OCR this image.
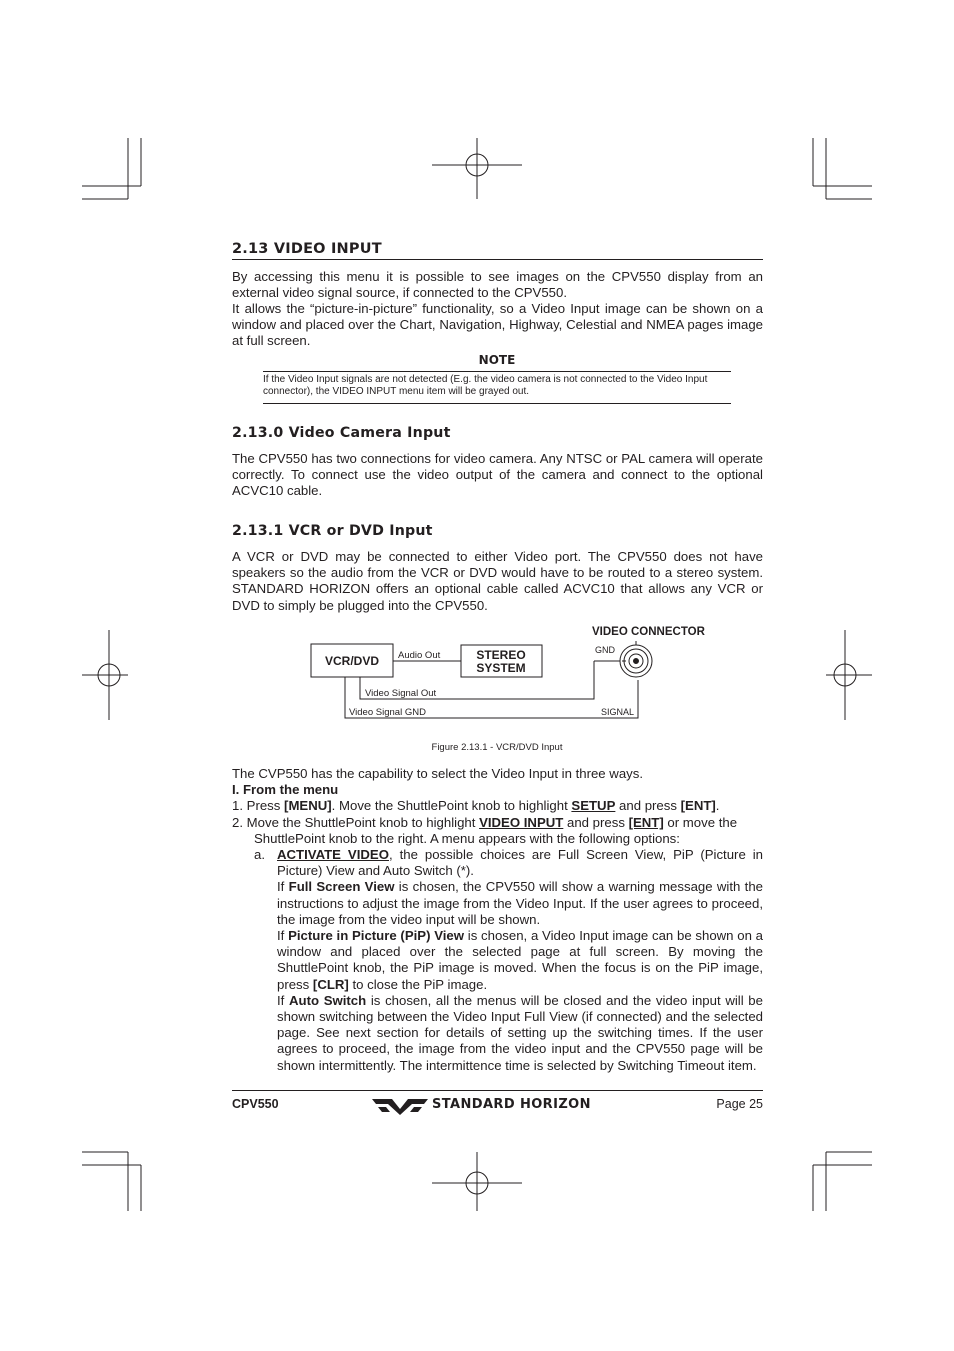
2.13 VIDEO INPUT
By accessing this menu it is possible to see images on the CPV550 display from an external video signal source, if connected to the CPV550.
It allows the “picture-in-picture” functionality, so a Video Input image can be shown on a window and placed over the Chart, Navigation, Highway, Celestial and NMEA pages image at full screen.
NOTE
If the Video Input signals are not detected (E.g. the video camera is not connected to the Video Input connector), the VIDEO INPUT menu item will be grayed out.
2.13.0 Video Camera Input
The CPV550 has two connections for video camera. Any NTSC or PAL camera will operate correctly. To connect use the video output of the camera and connect to the optional ACVC10 cable.
2.13.1 VCR or DVD Input
A VCR or DVD may be connected to either Video port. The CPV550 does not have speakers so the audio from the VCR or DVD would have to be routed to a stereo system. STANDARD HORIZON offers an optional cable called ACVC10 that allows any VCR or DVD to simply be plugged into the CPV550.
VCR/DVD	STEREO
SYSTEM
Audio Out
Video Signal Out
Video Signal GND
GND
SIGNAL
VIDEO CONNECTOR
Figure 2.13.1 - VCR/DVD Input
The CVP550 has the capability to select the Video Input in three ways.
I. From the menu
1. Press [MENU]. Move the ShuttlePoint knob to highlight SETUP and press [ENT].
2. Move the ShuttlePoint knob to highlight VIDEO INPUT and press [ENT] or move the
ShuttlePoint knob to the right. A menu appears with the following options:
a. ACTIVATE VIDEO, the possible choices are Full Screen View, PiP (Picture in Picture) View and Auto Switch (*).

If Full Screen View is chosen, the CPV550 will show a warning message with the instructions to adjust the image from the Video Input. If the user agrees to proceed, the image from the video input will be shown.

If Picture in Picture (PiP) View is chosen, a Video Input image can be shown on a window and placed over the selected page at full screen. By moving the ShuttlePoint knob, the PiP image is moved. When the focus is on the PiP image, press [CLR] to close the PiP image.

If Auto Switch is chosen, all the menus will be closed and the video input will be shown switching between the Video Input Full View (if connected) and the selected page. See next section for details of setting up the switching times. If the user agrees to proceed, the image from the video input and the CPV550 page will be shown intermittently. The intermittence time is selected by Switching Timeout item.

CPV550	STANDARD HORIZON	Page 25
